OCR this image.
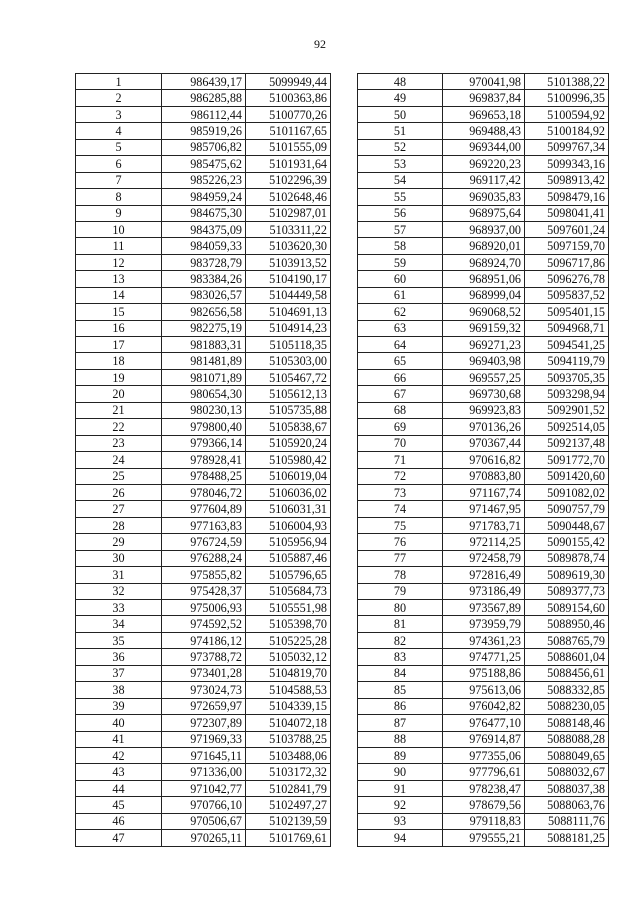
92
1	986439,17	5099949,44
2	986285,88	5100363,86
3	986112,44	5100770,26
4	985919,26	5101167,65
5	985706,82	5101555,09
6	985475,62	5101931,64
7	985226,23	5102296,39
8	984959,24	5102648,46
9	984675,30	5102987,01
10	984375,09	5103311,22
11	984059,33	5103620,30
12	983728,79	5103913,52
13	983384,26	5104190,17
14	983026,57	5104449,58
15	982656,58	5104691,13
16	982275,19	5104914,23
17	981883,31	5105118,35
18	981481,89	5105303,00
19	981071,89	5105467,72
20	980654,30	5105612,13
21	980230,13	5105735,88
22	979800,40	5105838,67
23	979366,14	5105920,24
24	978928,41	5105980,42
25	978488,25	5106019,04
26	978046,72	5106036,02
27	977604,89	5106031,31
28	977163,83	5106004,93
29	976724,59	5105956,94
30	976288,24	5105887,46
31	975855,82	5105796,65
32	975428,37	5105684,73
33	975006,93	5105551,98
34	974592,52	5105398,70
35	974186,12	5105225,28
36	973788,72	5105032,12
37	973401,28	5104819,70
38	973024,73	5104588,53
39	972659,97	5104339,15
40	972307,89	5104072,18
41	971969,33	5103788,25
42	971645,11	5103488,06
43	971336,00	5103172,32
44	971042,77	5102841,79
45	970766,10	5102497,27
46	970506,67	5102139,59
47	970265,11	5101769,61
48	970041,98	5101388,22
49	969837,84	5100996,35
50	969653,18	5100594,92
51	969488,43	5100184,92
52	969344,00	5099767,34
53	969220,23	5099343,16
54	969117,42	5098913,42
55	969035,83	5098479,16
56	968975,64	5098041,41
57	968937,00	5097601,24
58	968920,01	5097159,70
59	968924,70	5096717,86
60	968951,06	5096276,78
61	968999,04	5095837,52
62	969068,52	5095401,15
63	969159,32	5094968,71
64	969271,23	5094541,25
65	969403,98	5094119,79
66	969557,25	5093705,35
67	969730,68	5093298,94
68	969923,83	5092901,52
69	970136,26	5092514,05
70	970367,44	5092137,48
71	970616,82	5091772,70
72	970883,80	5091420,60
73	971167,74	5091082,02
74	971467,95	5090757,79
75	971783,71	5090448,67
76	972114,25	5090155,42
77	972458,79	5089878,74
78	972816,49	5089619,30
79	973186,49	5089377,73
80	973567,89	5089154,60
81	973959,79	5088950,46
82	974361,23	5088765,79
83	974771,25	5088601,04
84	975188,86	5088456,61
85	975613,06	5088332,85
86	976042,82	5088230,05
87	976477,10	5088148,46
88	976914,87	5088088,28
89	977355,06	5088049,65
90	977796,61	5088032,67
91	978238,47	5088037,38
92	978679,56	5088063,76
93	979118,83	5088111,76
94	979555,21	5088181,25
